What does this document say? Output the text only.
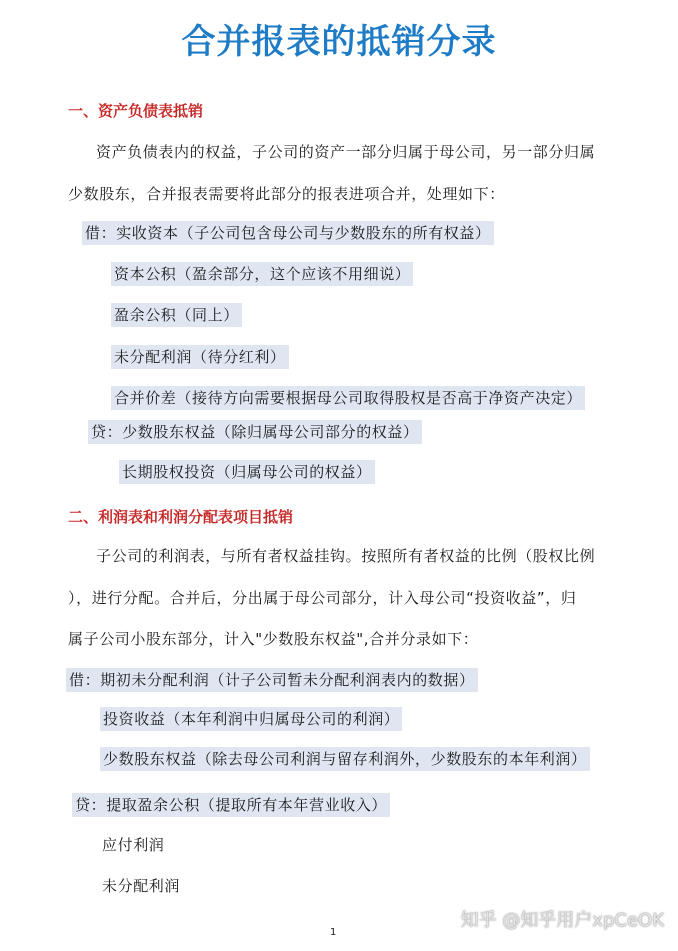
合并报表的抵销分录
一、资产负债表抵销
资产负债表内的权益，子公司的资产一部分归属于母公司，另一部分归属
少数股东，合并报表需要将此部分的报表进项合并，处理如下：
借：实收资本（子公司包含母公司与少数股东的所有权益）
资本公积（盈余部分，这个应该不用细说）
盈余公积（同上）
未分配利润（待分红利）
合并价差（接待方向需要根据母公司取得股权是否高于净资产决定）
贷：少数股东权益（除归属母公司部分的权益）
长期股权投资（归属母公司的权益）
二、利润表和利润分配表项目抵销
子公司的利润表，与所有者权益挂钩。按照所有者权益的比例（股权比例
），进行分配。合并后，分出属于母公司部分，计入母公司“投资收益”，归
属子公司小股东部分，计入"少数股东权益",合并分录如下：
借：期初未分配利润（计子公司暂未分配利润表内的数据）
投资收益（本年利润中归属母公司的利润）
少数股东权益（除去母公司利润与留存利润外，少数股东的本年利润）
贷：提取盈余公积（提取所有本年营业收入）
应付利润
未分配利润
1
知乎 @知乎用户xpCeOK
